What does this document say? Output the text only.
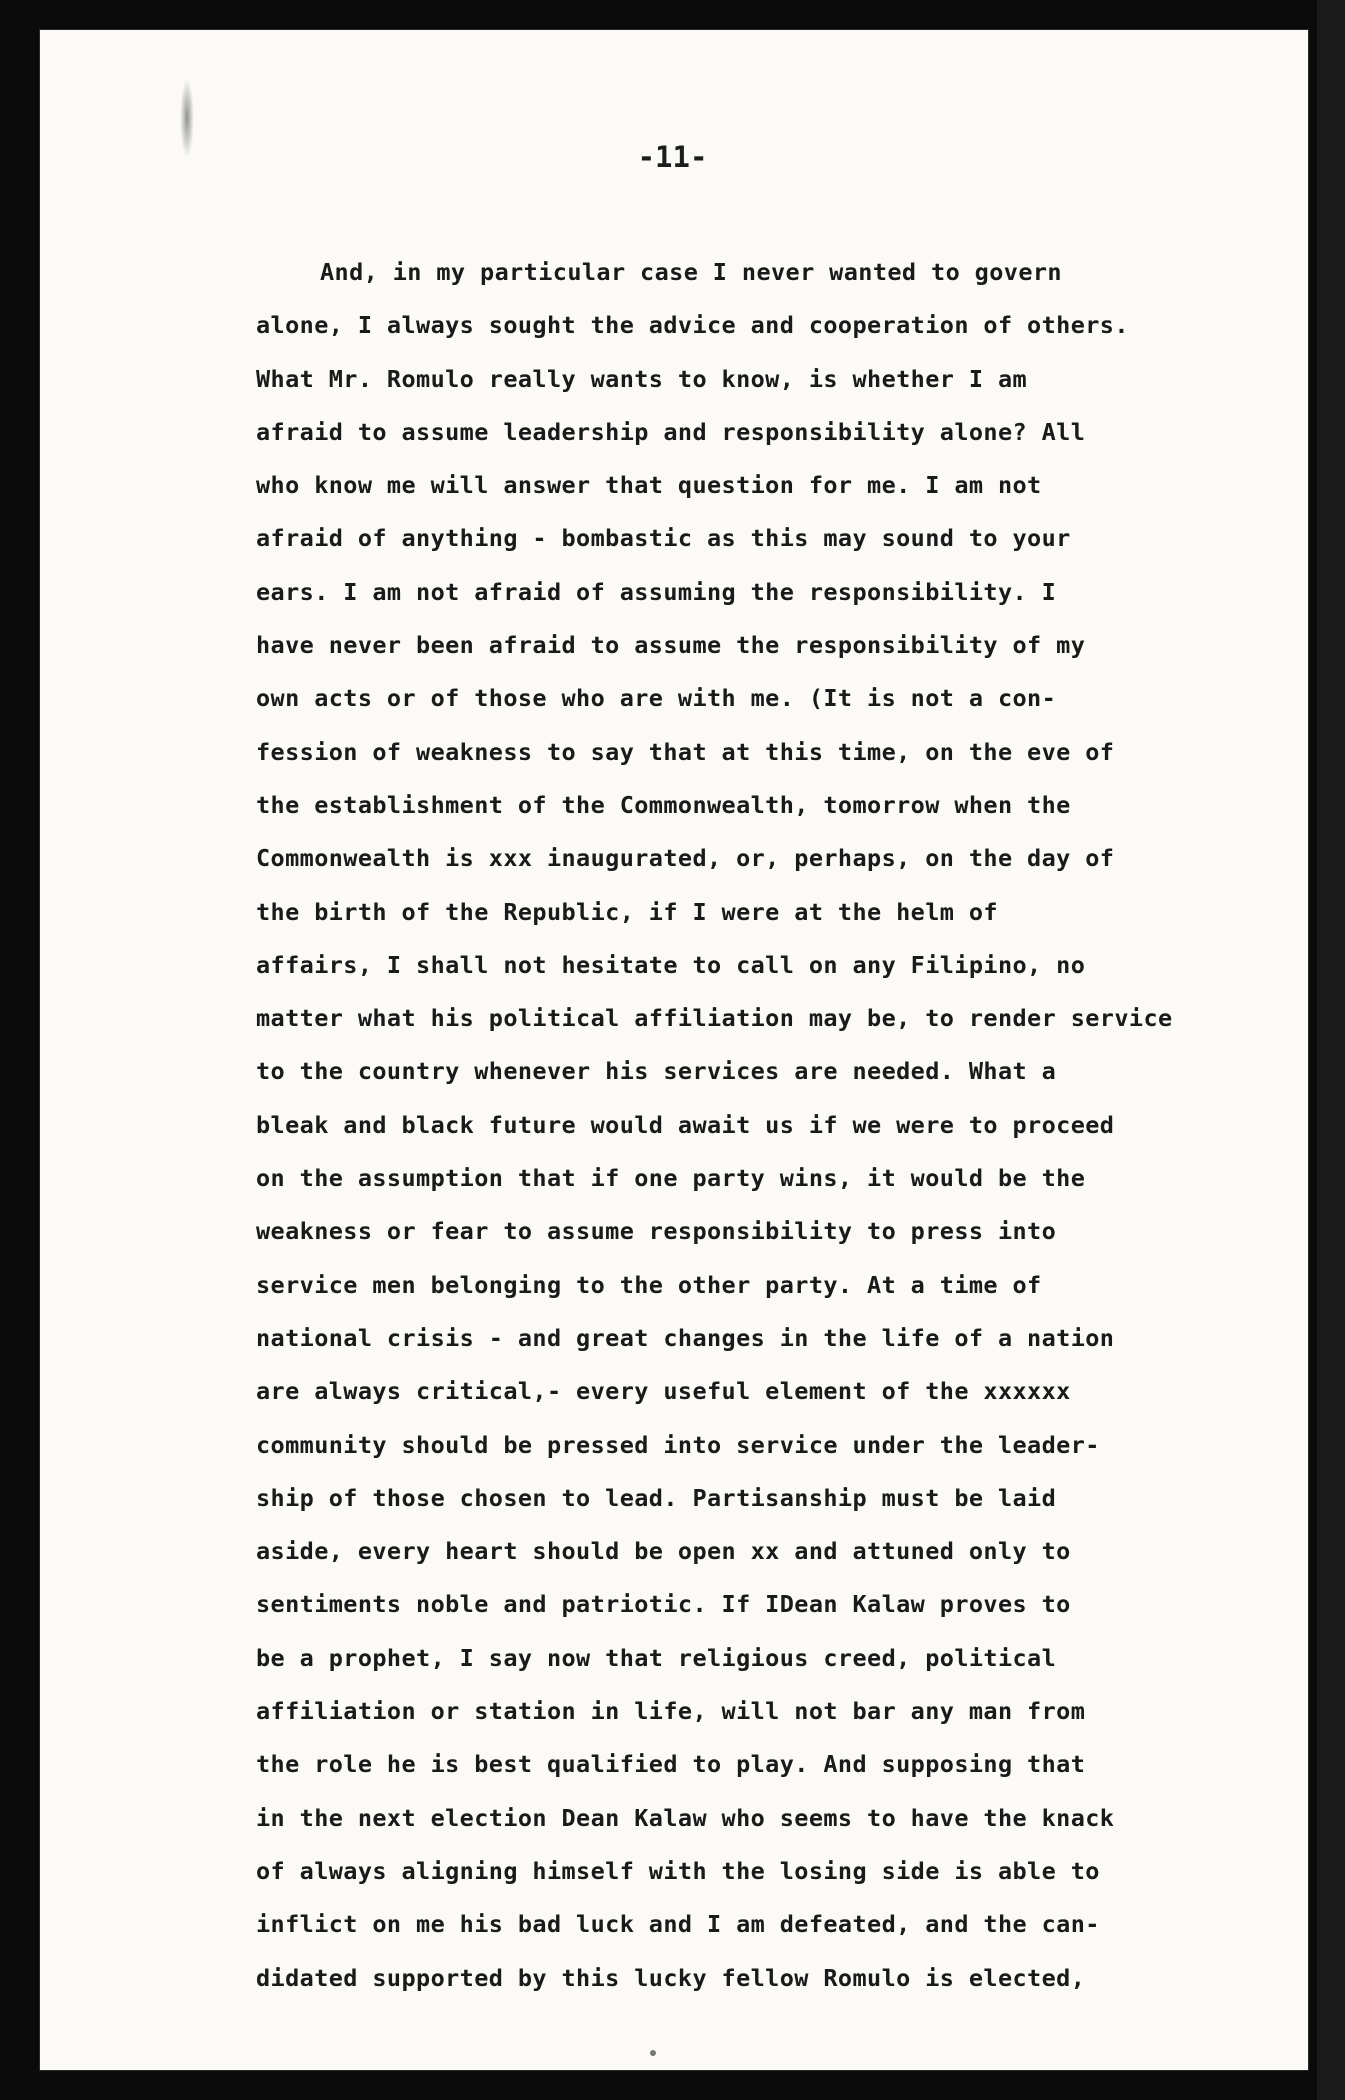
-11-
And, in my particular case I never wanted to govern
alone, I always sought the advice and cooperation of others.
What Mr. Romulo really wants to know, is whether I am
afraid to assume leadership and responsibility alone? All
who know me will answer that question for me. I am not
afraid of anything - bombastic as this may sound to your
ears. I am not afraid of assuming the responsibility. I
have never been afraid to assume the responsibility of my
own acts or of those who are with me. (It is not a con-
fession of weakness to say that at this time, on the eve of
the establishment of the Commonwealth, tomorrow when the
Commonwealth is xxx inaugurated, or, perhaps, on the day of
the birth of the Republic, if I were at the helm of
affairs, I shall not hesitate to call on any Filipino, no
matter what his political affiliation may be, to render service
to the country whenever his services are needed. What a
bleak and black future would await us if we were to proceed
on the assumption that if one party wins, it would be the
weakness or fear to assume responsibility to press into
service men belonging to the other party. At a time of
national crisis - and great changes in the life of a nation
are always critical,- every useful element of the xxxxxx
community should be pressed into service under the leader-
ship of those chosen to lead. Partisanship must be laid
aside, every heart should be open xx and attuned only to
sentiments noble and patriotic. If IDean Kalaw proves to
be a prophet, I say now that religious creed, political
affiliation or station in life, will not bar any man from
the role he is best qualified to play. And supposing that
in the next election Dean Kalaw who seems to have the knack
of always aligning himself with the losing side is able to
inflict on me his bad luck and I am defeated, and the can-
didated supported by this lucky fellow Romulo is elected,
